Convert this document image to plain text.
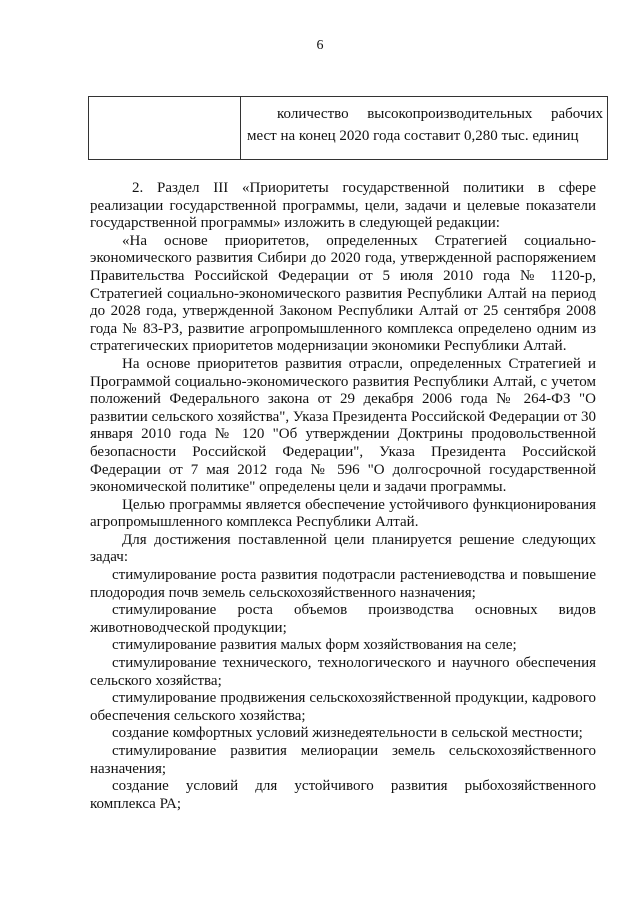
6
количество высокопроизводительных рабочих
мест на конец 2020 года составит 0,280 тыс. единиц

2. Раздел III «Приоритеты государственной политики в сфере реализации государственной программы, цели, задачи и целевые показатели государственной программы» изложить в следующей редакции:

«На основе приоритетов, определенных Стратегией социально-экономического развития Сибири до 2020 года, утвержденной распоряжением Правительства Российской Федерации от 5 июля 2010 года № 1120-р, Стратегией социально-экономического развития Республики Алтай на период до 2028 года, утвержденной Законом Республики Алтай от 25 сентября 2008 года № 83-РЗ, развитие агропромышленного комплекса определено одним из стратегических приоритетов модернизации экономики Республики Алтай.

На основе приоритетов развития отрасли, определенных Стратегией и Программой социально-экономического развития Республики Алтай, с учетом положений Федерального закона от 29 декабря 2006 года № 264-ФЗ "О развитии сельского хозяйства", Указа Президента Российской Федерации от 30 января 2010 года № 120 "Об утверждении Доктрины продовольственной безопасности Российской Федерации", Указа Президента Российской Федерации от 7 мая 2012 года № 596 "О долгосрочной государственной экономической политике" определены цели и задачи программы.

Целью программы является обеспечение устойчивого функционирования агропромышленного комплекса Республики Алтай.

Для достижения поставленной цели планируется решение следующих задач:

стимулирование роста развития подотрасли растениеводства и повышение плодородия почв земель сельскохозяйственного назначения;

стимулирование роста объемов производства основных видов животноводческой продукции;

стимулирование развития малых форм хозяйствования на селе;

стимулирование технического, технологического и научного обеспечения сельского хозяйства;

стимулирование продвижения сельскохозяйственной продукции, кадрового обеспечения сельского хозяйства;

создание комфортных условий жизнедеятельности в сельской местности;

стимулирование развития мелиорации земель сельскохозяйственного назначения;

создание условий для устойчивого развития рыбохозяйственного комплекса РА;
